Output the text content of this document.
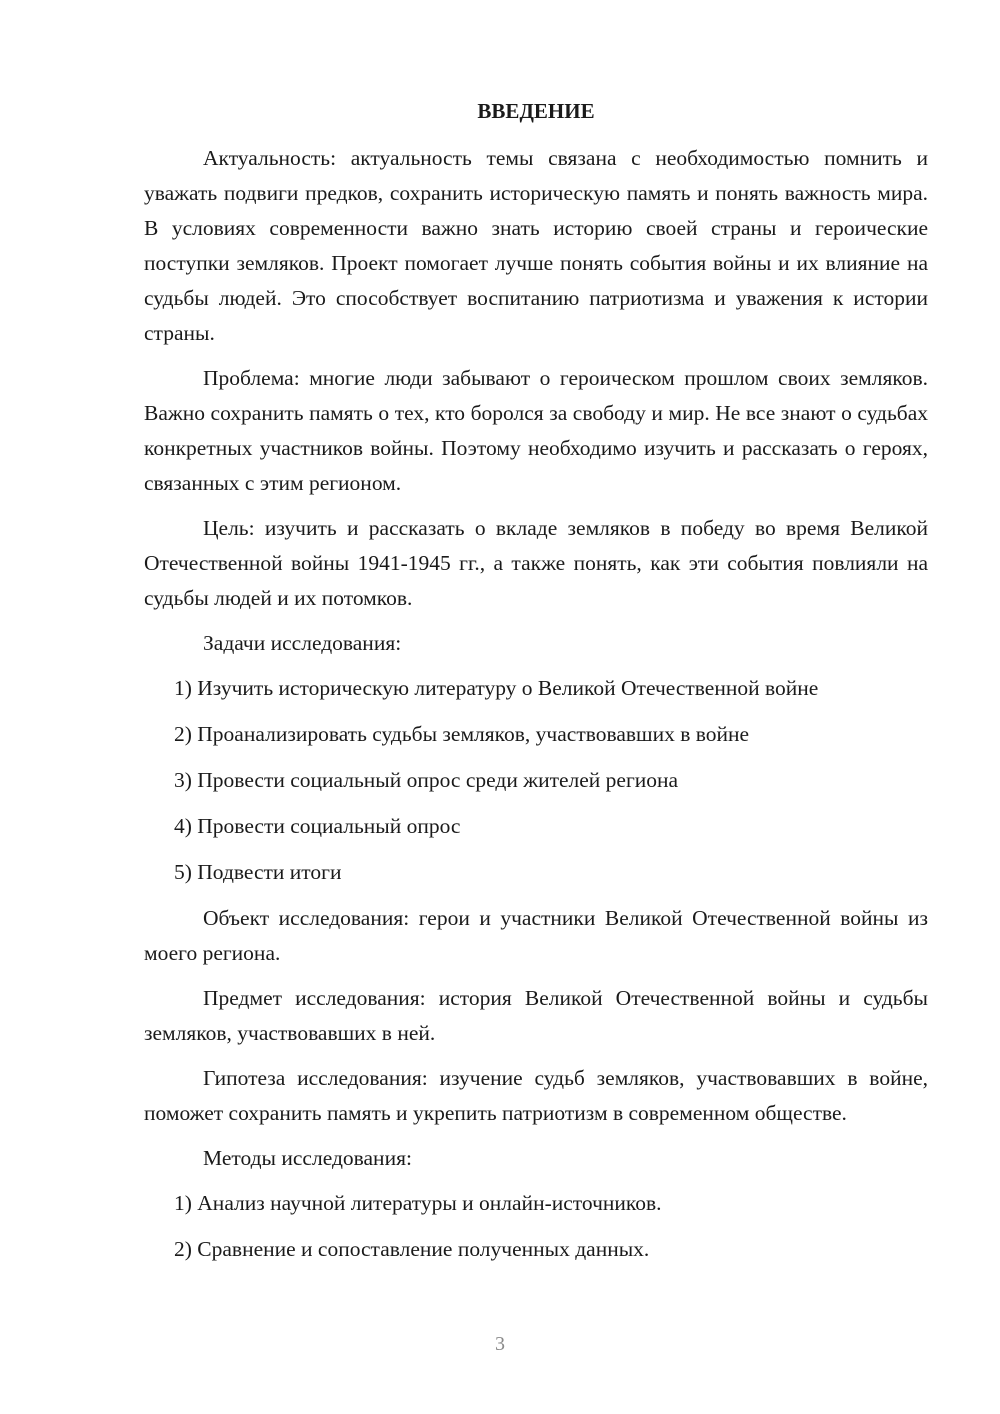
ВВЕДЕНИЕ

Актуальность: актуальность темы связана с необходимостью помнить и уважать подвиги предков, сохранить историческую память и понять важность мира. В условиях современности важно знать историю своей страны и героические поступки земляков. Проект помогает лучше понять события войны и их влияние на судьбы людей. Это способствует воспитанию патриотизма и уважения к истории страны.

Проблема: многие люди забывают о героическом прошлом своих земляков. Важно сохранить память о тех, кто боролся за свободу и мир. Не все знают о судьбах конкретных участников войны. Поэтому необходимо изучить и рассказать о героях, связанных с этим регионом.

Цель: изучить и рассказать о вкладе земляков в победу во время Великой Отечественной войны 1941-1945 гг., а также понять, как эти события повлияли на судьбы людей и их потомков.

Задачи исследования:

1) Изучить историческую литературу о Великой Отечественной войне
2) Проанализировать судьбы земляков, участвовавших в войне
3) Провести социальный опрос среди жителей региона
4) Провести социальный опрос
5) Подвести итоги

Объект исследования: герои и участники Великой Отечественной войны из моего региона.

Предмет исследования: история Великой Отечественной войны и судьбы земляков, участвовавших в ней.

Гипотеза исследования: изучение судьб земляков, участвовавших в войне, поможет сохранить память и укрепить патриотизм в современном обществе.

Методы исследования:

1) Анализ научной литературы и онлайн-источников.
2) Сравнение и сопоставление полученных данных.
3
